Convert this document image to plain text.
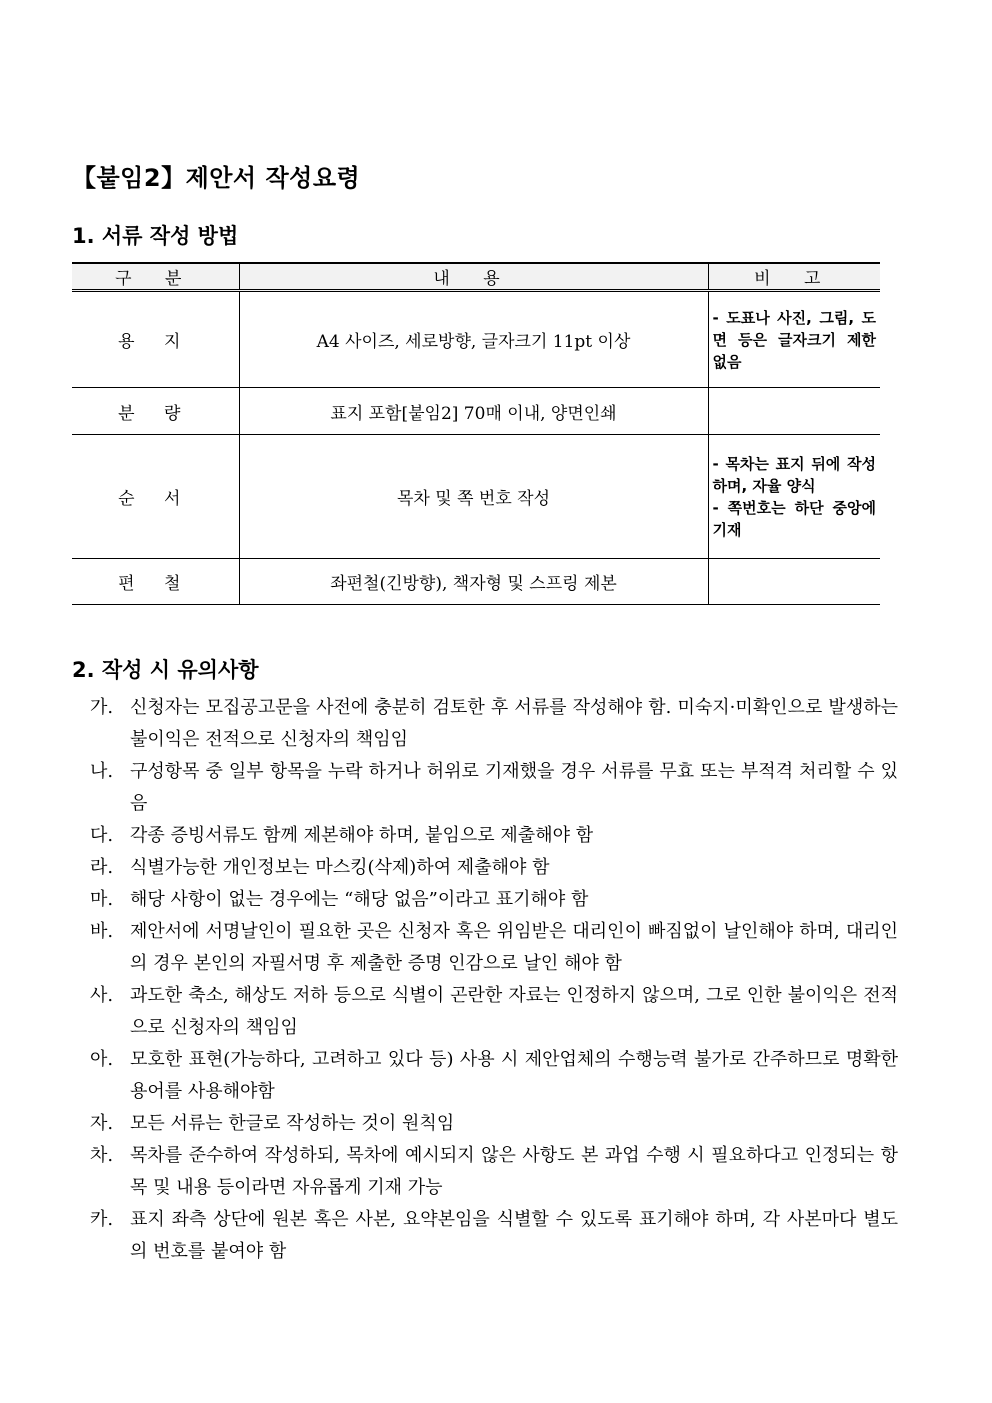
【붙임2】제안서 작성요령
1. 서류 작성 방법
구 분	내 용	비 고
용 지	A4 사이즈, 세로방향, 글자크기 11pt 이상	- 도표나 사진, 그림, 도면 등은 글자크기 제한 없음

분 량	표지 포함[붙임2] 70매 이내, 양면인쇄	
순 서	목차 및 쪽 번호 작성	- 목차는 표지 뒤에 작성하며, 자율 양식
- 쪽번호는 하단 중앙에 기재

편 철	좌편철(긴방향), 책자형 및 스프링 제본	
2. 작성 시 유의사항
가. 신청자는 모집공고문을 사전에 충분히 검토한 후 서류를 작성해야 함. 미숙지·미확인으로 발생하는 불이익은 전적으로 신청자의 책임임
나. 구성항목 중 일부 항목을 누락 하거나 허위로 기재했을 경우 서류를 무효 또는 부적격 처리할 수 있음
다. 각종 증빙서류도 함께 제본해야 하며, 붙임으로 제출해야 함
라. 식별가능한 개인정보는 마스킹(삭제)하여 제출해야 함
마. 해당 사항이 없는 경우에는 “해당 없음”이라고 표기해야 함
바. 제안서에 서명날인이 필요한 곳은 신청자 혹은 위임받은 대리인이 빠짐없이 날인해야 하며, 대리인의 경우 본인의 자필서명 후 제출한 증명 인감으로 날인 해야 함
사. 과도한 축소, 해상도 저하 등으로 식별이 곤란한 자료는 인정하지 않으며, 그로 인한 불이익은 전적으로 신청자의 책임임
아. 모호한 표현(가능하다, 고려하고 있다 등) 사용 시 제안업체의 수행능력 불가로 간주하므로 명확한 용어를 사용해야함
자. 모든 서류는 한글로 작성하는 것이 원칙임
차. 목차를 준수하여 작성하되, 목차에 예시되지 않은 사항도 본 과업 수행 시 필요하다고 인정되는 항목 및 내용 등이라면 자유롭게 기재 가능
카. 표지 좌측 상단에 원본 혹은 사본, 요약본임을 식별할 수 있도록 표기해야 하며, 각 사본마다 별도의 번호를 붙여야 함
